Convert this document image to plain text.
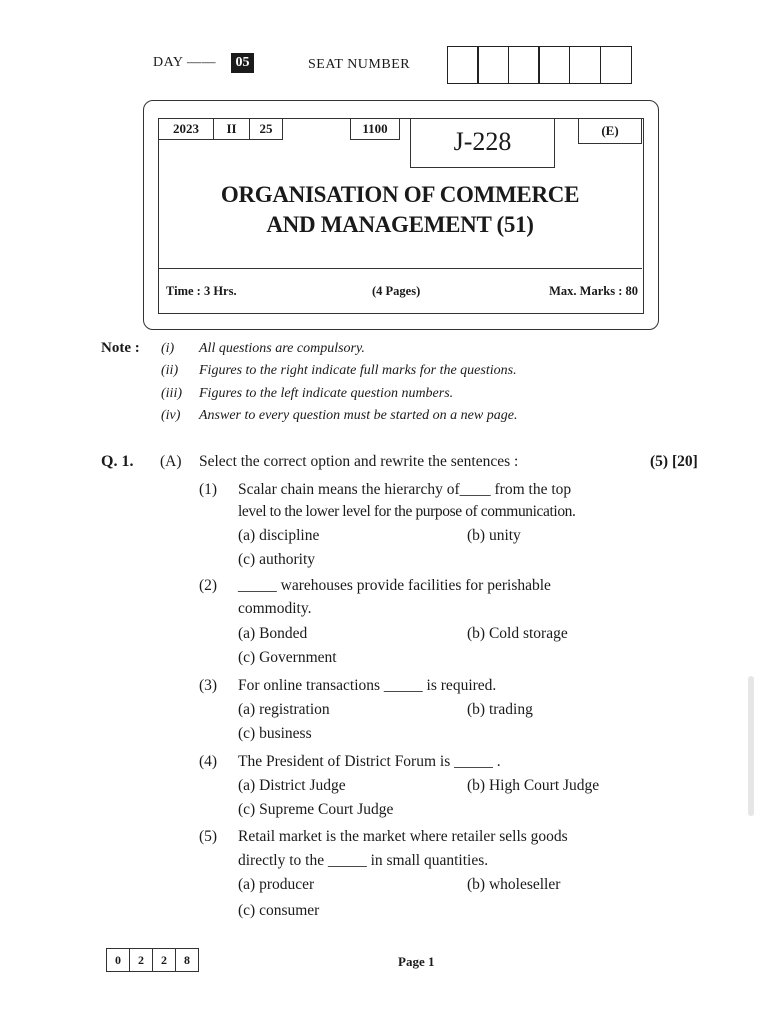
DAY ——	05	SEAT NUMBER
2023	II	25	1100	J-228	(E)
ORGANISATION OF COMMERCE
AND MANAGEMENT (51)
Time : 3 Hrs.	(4 Pages)	Max. Marks : 80
Note : (i) All questions are compulsory.
(ii) Figures to the right indicate full marks for the questions.
(iii) Figures to the left indicate question numbers.
(iv) Answer to every question must be started on a new page.
Q. 1. (A) Select the correct option and rewrite the sentences :	(5) [20]
(1) Scalar chain means the hierarchy of____ from the top
level to the lower level for the purpose of communication.
(a) discipline	(b) unity
(c) authority
(2) _____ warehouses provide facilities for perishable
commodity.
(a) Bonded	(b) Cold storage
(c) Government
(3) For online transactions _____ is required.
(a) registration	(b) trading
(c) business
(4) The President of District Forum is _____ .
(a) District Judge	(b) High Court Judge
(c) Supreme Court Judge
(5) Retail market is the market where retailer sells goods
directly to the _____ in small quantities.
(a) producer	(b) wholeseller
(c) consumer
0	2	2	8	Page 1
